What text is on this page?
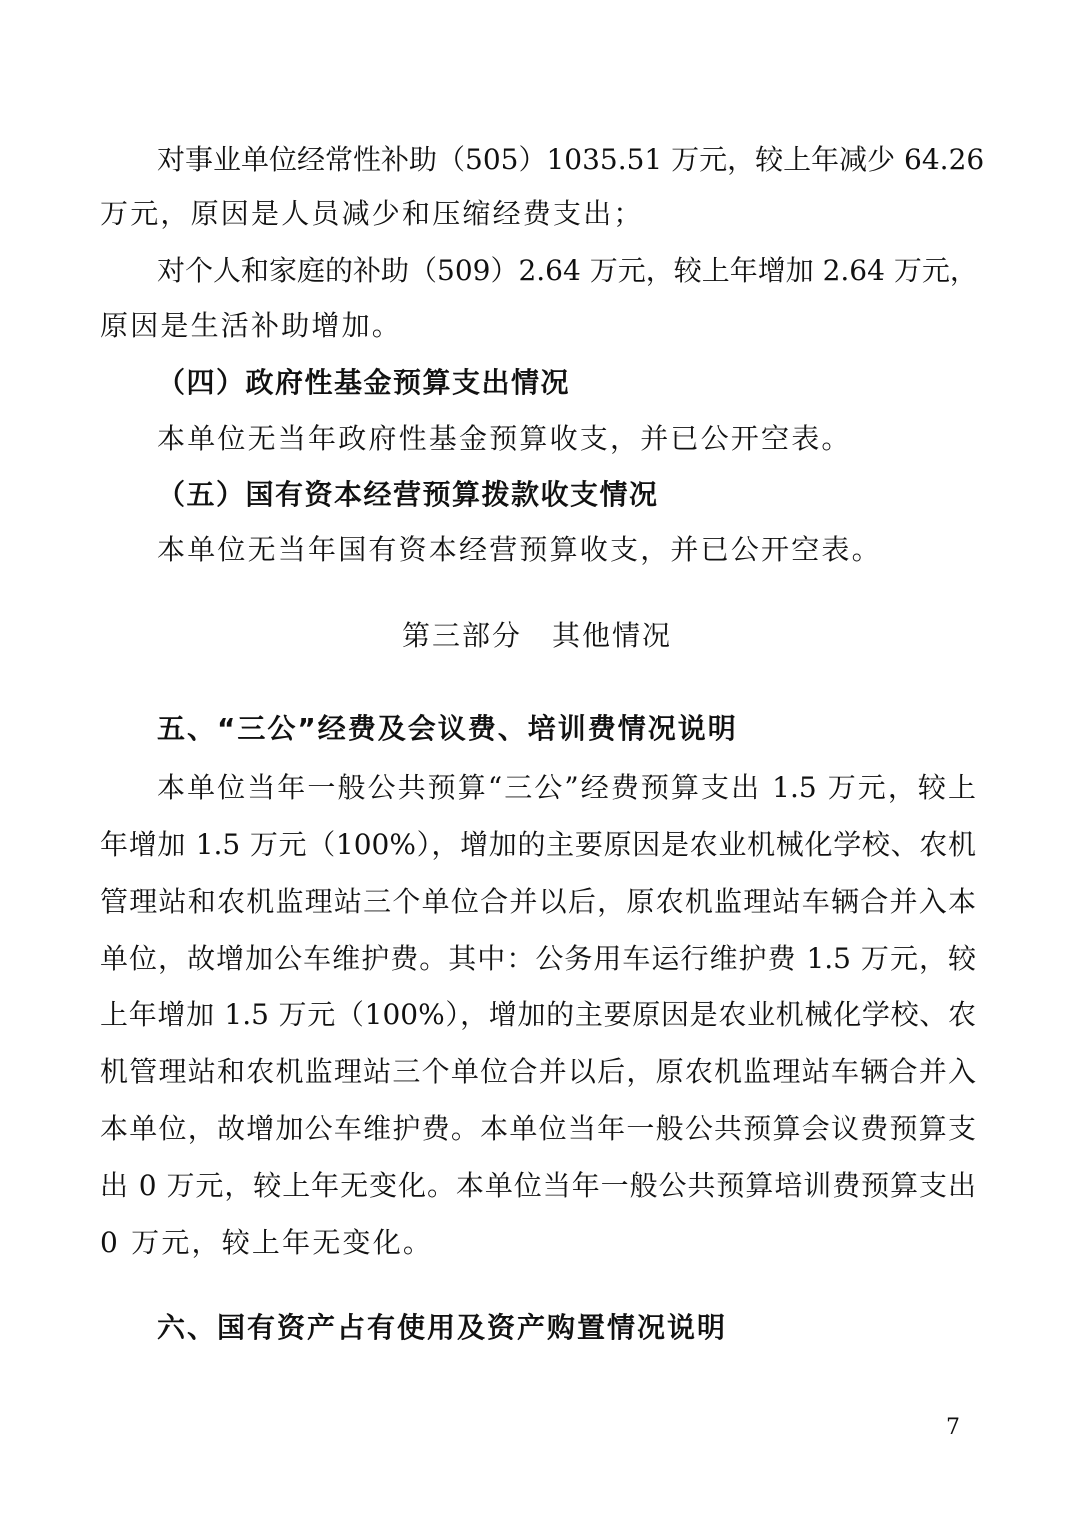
对事业单位经常性补助（505）1035.51 万元，较上年减少 64.26
万元，原因是人员减少和压缩经费支出；
对个人和家庭的补助（509）2.64 万元，较上年增加 2.64 万元，
原因是生活补助增加。
（四）政府性基金预算支出情况
本单位无当年政府性基金预算收支，并已公开空表。
（五）国有资本经营预算拨款收支情况
本单位无当年国有资本经营预算收支，并已公开空表。
第三部分　其他情况
五、“三公”经费及会议费、培训费情况说明
本单位当年一般公共预算“三公”经费预算支出 1.5 万元，较上
年增加 1.5 万元（100%），增加的主要原因是农业机械化学校、农机
管理站和农机监理站三个单位合并以后，原农机监理站车辆合并入本
单位，故增加公车维护费。其中：公务用车运行维护费 1.5 万元，较
上年增加 1.5 万元（100%），增加的主要原因是农业机械化学校、农
机管理站和农机监理站三个单位合并以后，原农机监理站车辆合并入
本单位，故增加公车维护费。本单位当年一般公共预算会议费预算支
出 0 万元，较上年无变化。本单位当年一般公共预算培训费预算支出
0 万元，较上年无变化。
六、国有资产占有使用及资产购置情况说明
7
